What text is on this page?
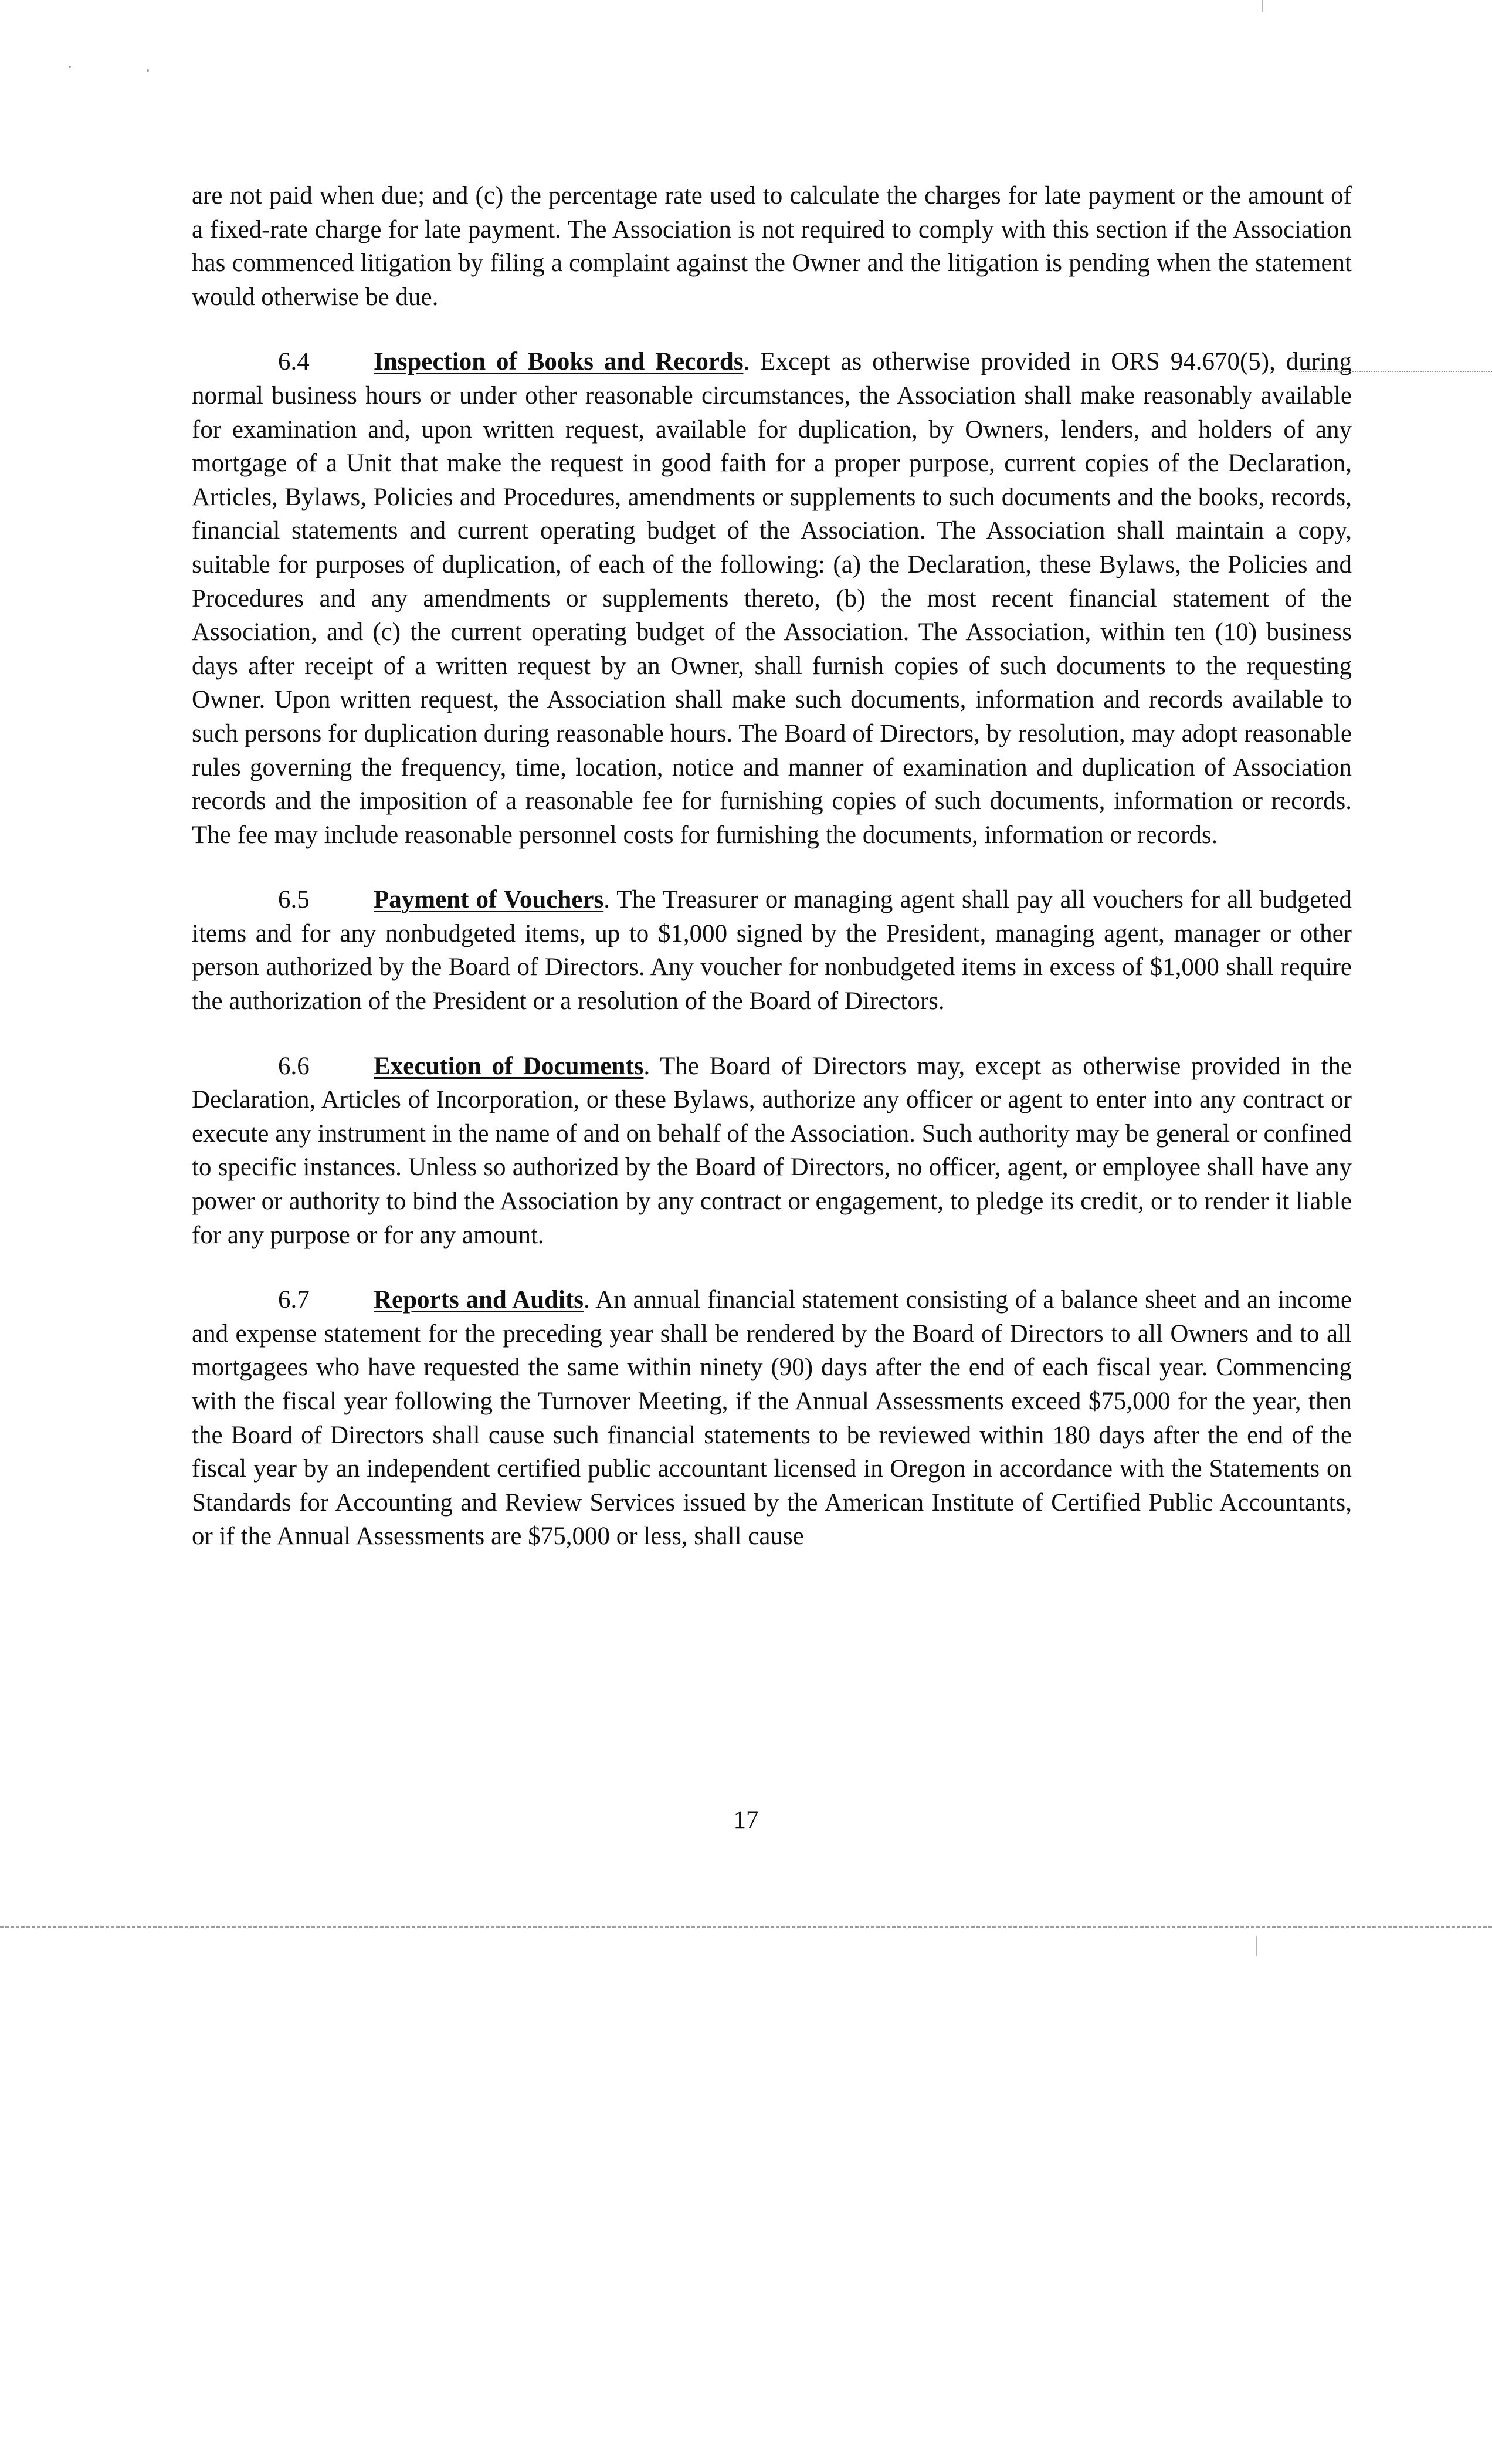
are not paid when due; and (c) the percentage rate used to calculate the charges for late payment or the amount of a fixed-rate charge for late payment. The Association is not required to comply with this section if the Association has commenced litigation by filing a complaint against the Owner and the litigation is pending when the statement would otherwise be due.

6.4	Inspection of Books and Records. Except as otherwise provided in ORS 94.670(5), during normal business hours or under other reasonable circumstances, the Association shall make reasonably available for examination and, upon written request, available for duplication, by Owners, lenders, and holders of any mortgage of a Unit that make the request in good faith for a proper purpose, current copies of the Declaration, Articles, Bylaws, Policies and Procedures, amendments or supplements to such documents and the books, records, financial statements and current operating budget of the Association. The Association shall maintain a copy, suitable for purposes of duplication, of each of the following: (a) the Declaration, these Bylaws, the Policies and Procedures and any amendments or supplements thereto, (b) the most recent financial statement of the Association, and (c) the current operating budget of the Association. The Association, within ten (10) business days after receipt of a written request by an Owner, shall furnish copies of such documents to the requesting Owner. Upon written request, the Association shall make such documents, information and records available to such persons for duplication during reasonable hours. The Board of Directors, by resolution, may adopt reasonable rules governing the frequency, time, location, notice and manner of examination and duplication of Association records and the imposition of a reasonable fee for furnishing copies of such documents, information or records. The fee may include reasonable personnel costs for furnishing the documents, information or records.

6.5	Payment of Vouchers. The Treasurer or managing agent shall pay all vouchers for all budgeted items and for any nonbudgeted items, up to $1,000 signed by the President, managing agent, manager or other person authorized by the Board of Directors. Any voucher for nonbudgeted items in excess of $1,000 shall require the authorization of the President or a resolution of the Board of Directors.

6.6	Execution of Documents. The Board of Directors may, except as otherwise provided in the Declaration, Articles of Incorporation, or these Bylaws, authorize any officer or agent to enter into any contract or execute any instrument in the name of and on behalf of the Association. Such authority may be general or confined to specific instances. Unless so authorized by the Board of Directors, no officer, agent, or employee shall have any power or authority to bind the Association by any contract or engagement, to pledge its credit, or to render it liable for any purpose or for any amount.

6.7	Reports and Audits. An annual financial statement consisting of a balance sheet and an income and expense statement for the preceding year shall be rendered by the Board of Directors to all Owners and to all mortgagees who have requested the same within ninety (90) days after the end of each fiscal year. Commencing with the fiscal year following the Turnover Meeting, if the Annual Assessments exceed $75,000 for the year, then the Board of Directors shall cause such financial statements to be reviewed within 180 days after the end of the fiscal year by an independent certified public accountant licensed in Oregon in accordance with the Statements on Standards for Accounting and Review Services issued by the American Institute of Certified Public Accountants, or if the Annual Assessments are $75,000 or less, shall cause

17
